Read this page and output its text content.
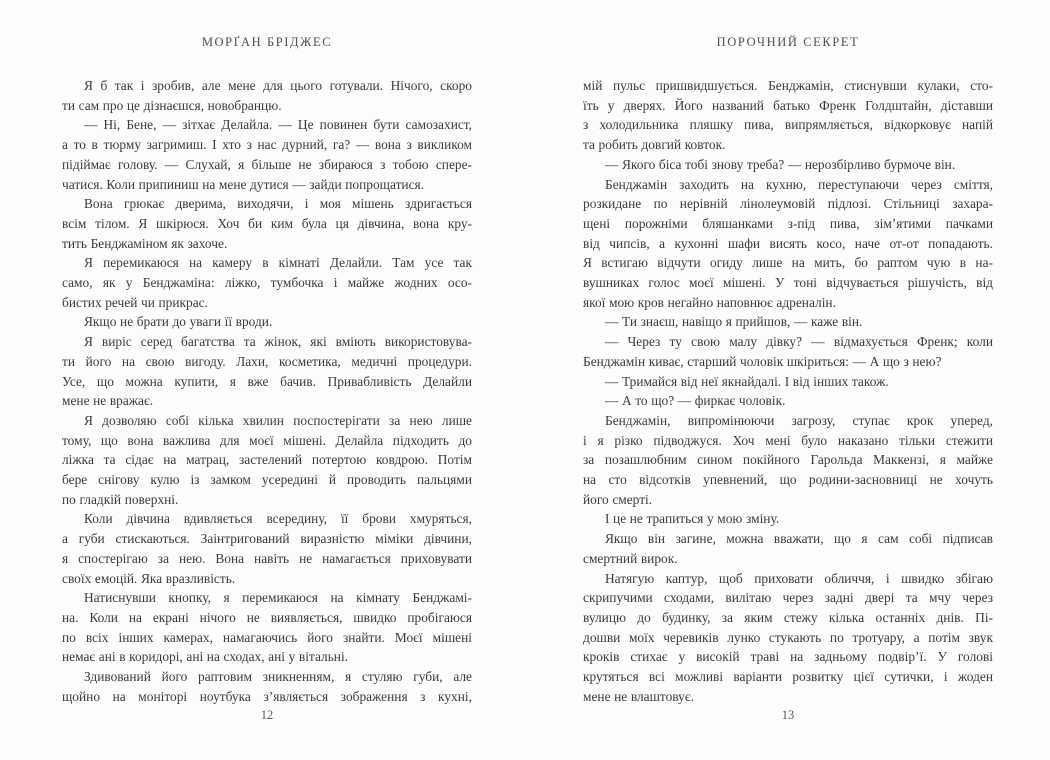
МОРҐАН БРІДЖЕС
Я б так і зробив, але мене для цього готували. Нічого, скоро
ти сам про це дізнаєшся, новобранцю.
— Ні, Бене, — зітхає Делайла. — Це повинен бути самозахист,
а то в тюрму загримиш. І хто з нас дурний, га? — вона з викликом
підіймає голову. — Слухай, я більше не збираюся з тобою спере-
чатися. Коли припиниш на мене дутися — зайди попрощатися.
Вона грюкає дверима, виходячи, і моя мішень здригається
всім тілом. Я шкірюся. Хоч би ким була ця дівчина, вона кру-
тить Бенджаміном як захоче.
Я перемикаюся на камеру в кімнаті Делайли. Там усе так
само, як у Бенджаміна: ліжко, тумбочка і майже жодних осо-
бистих речей чи прикрас.
Якщо не брати до уваги її вроди.
Я виріс серед багатства та жінок, які вміють використовува-
ти його на свою вигоду. Лахи, косметика, медичні процедури.
Усе, що можна купити, я вже бачив. Привабливість Делайли
мене не вражає.
Я дозволяю собі кілька хвилин поспостерігати за нею лише
тому, що вона важлива для моєї мішені. Делайла підходить до
ліжка та сідає на матрац, застелений потертою ковдрою. Потім
бере снігову кулю із замком усередині й проводить пальцями
по гладкій поверхні.
Коли дівчина вдивляється всередину, її брови хмуряться,
а губи стискаються. Заінтригований виразністю міміки дівчини,
я спостерігаю за нею. Вона навіть не намагається приховувати
своїх емоцій. Яка вразливість.
Натиснувши кнопку, я перемикаюся на кімнату Бенджамі-
на. Коли на екрані нічого не виявляється, швидко пробігаюся
по всіх інших камерах, намагаючись його знайти. Моєї мішені
немає ані в коридорі, ані на сходах, ані у вітальні.
Здивований його раптовим зникненням, я стуляю губи, але
щойно на моніторі ноутбука з’являється зображення з кухні,
12
ПОРОЧНИЙ СЕКРЕТ
мій пульс пришвидшується. Бенджамін, стиснувши кулаки, сто-
їть у дверях. Його названий батько Френк Голдштайн, діставши
з холодильника пляшку пива, випрямляється, відкорковує напій
та робить довгий ковток.
— Якого біса тобі знову треба? — нерозбірливо бурмоче він.
Бенджамін заходить на кухню, переступаючи через сміття,
розкидане по нерівній лінолеумовій підлозі. Стільниці захара-
щені порожніми бляшанками з-під пива, зім’ятими пачками
від чипсів, а кухонні шафи висять косо, наче от-от попадають.
Я встигаю відчути огиду лише на мить, бо раптом чую в на-
вушниках голос моєї мішені. У тоні відчувається рішучість, від
якої мою кров негайно наповнює адреналін.
— Ти знаєш, навіщо я прийшов, — каже він.
— Через ту свою малу дівку? — відмахується Френк; коли
Бенджамін киває, старший чоловік шкіриться: — А що з нею?
— Тримайся від неї якнайдалі. І від інших також.
— А то що? — фиркає чоловік.
Бенджамін, випромінюючи загрозу, ступає крок уперед,
і я різко підводжуся. Хоч мені було наказано тільки стежити
за позашлюбним сином покійного Гарольда Маккензі, я майже
на сто відсотків упевнений, що родини-засновниці не хочуть
його смерті.
І це не трапиться у мою зміну.
Якщо він загине, можна вважати, що я сам собі підписав
смертний вирок.
Натягую каптур, щоб приховати обличчя, і швидко збігаю
скрипучими сходами, вилітаю через задні двері та мчу через
вулицю до будинку, за яким стежу кілька останніх днів. Пі-
дошви моїх черевиків лунко стукають по тротуару, а потім звук
кроків стихає у високій траві на задньому подвір’ї. У голові
крутяться всі можливі варіанти розвитку цієї сутички, і жоден
мене не влаштовує.
13
